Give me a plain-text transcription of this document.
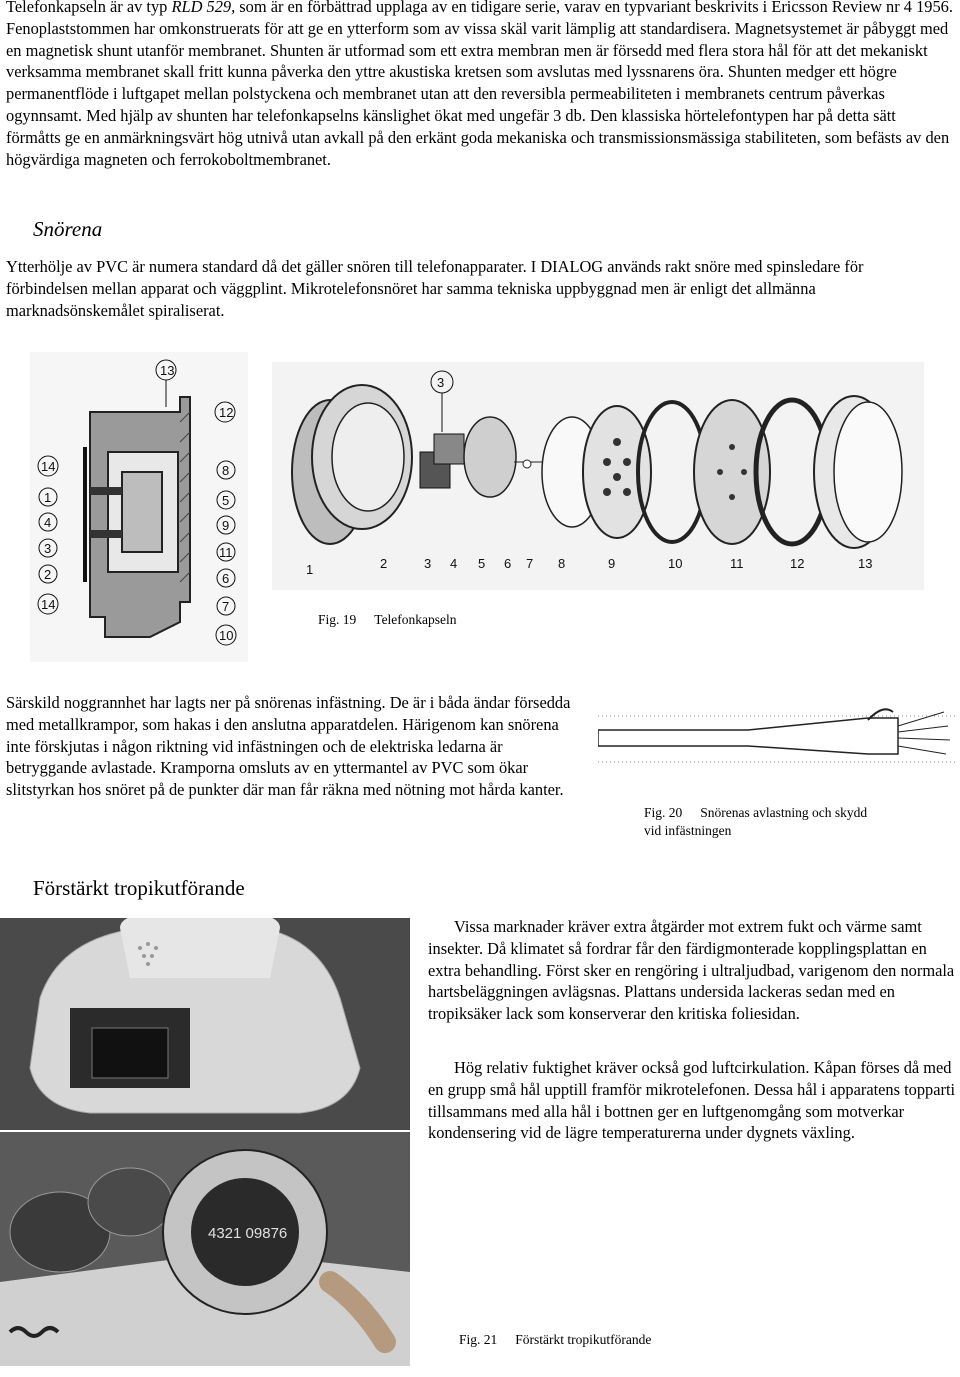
Telefonkapseln är av typ RLD 529, som är en förbättrad upplaga av en tidigare serie, varav en typvariant beskrivits i Ericsson Review nr 4 1956. Fenoplaststommen har omkonstruerats för att ge en ytterform som av vissa skäl varit lämplig att standardisera. Magnetsystemet är påbyggt med en magnetisk shunt utanför membranet. Shunten är utformad som ett extra membran men är försedd med flera stora hål för att det mekaniskt verksamma membranet skall fritt kunna påverka den yttre akustiska kretsen som avslutas med lyssnarens öra. Shunten medger ett högre permanentflöde i luftgapet mellan polstyckena och membranet utan att den reversibla permeabiliteten i membranets centrum påverkas ogynnsamt. Med hjälp av shunten har telefonkapselns känslighet ökat med ungefär 3 db. Den klassiska hörtelefontypen har på detta sätt förmåtts ge en anmärkningsvärt hög utnivå utan avkall på den erkänt goda mekaniska och transmissionsmässiga stabiliteten, som befästs av den högvärdiga magneten och ferrokoboltmembranet.

Snörena
Ytterhölje av PVC är numera standard då det gäller snören till telefonapparater. I DIALOG används rakt snöre med spinsledare för förbindelsen mellan apparat och väggplint. Mikrotelefonsnöret har samma tekniska uppbyggnad men är enligt det allmänna marknadsönskemålet spiraliserat.
13
12
8
5
9
11
6
7
10
14
1
4
3
2
14
3
1	2	3 4 5 6 7 8	9	10	11	12	13
Fig. 19 Telefonkapseln
Särskild noggrannhet har lagts ner på snörenas infästning. De är i båda ändar försedda med metallkrampor, som hakas i den anslutna apparatdelen. Härigenom kan snörena inte förskjutas i någon riktning vid infästningen och de elektriska ledarna är betryggande avlastade. Kramporna omsluts av en yttermantel av PVC som ökar slitstyrkan hos snöret på de punkter där man får räkna med nötning mot hårda kanter.
Fig. 20 Snörenas avlastning och skydd
vid infästningen
Förstärkt tropikutförande
4321 09876
Vissa marknader kräver extra åtgärder mot extrem fukt och värme samt insekter. Då klimatet så fordrar får den färdigmonterade kopplingsplattan en extra behandling. Först sker en rengöring i ultraljudbad, varigenom den normala hartsbeläggningen avlägsnas. Plattans undersida lackeras sedan med en tropiksäker lack som konserverar den kritiska foliesidan.
Hög relativ fuktighet kräver också god luftcirkulation. Kåpan förses då med en grupp små hål upptill framför mikrotelefonen. Dessa hål i apparatens topparti tillsammans med alla hål i bottnen ger en luftgenomgång som motverkar kondensering vid de lägre temperaturerna under dygnets växling.
Fig. 21 Förstärkt tropikutförande
